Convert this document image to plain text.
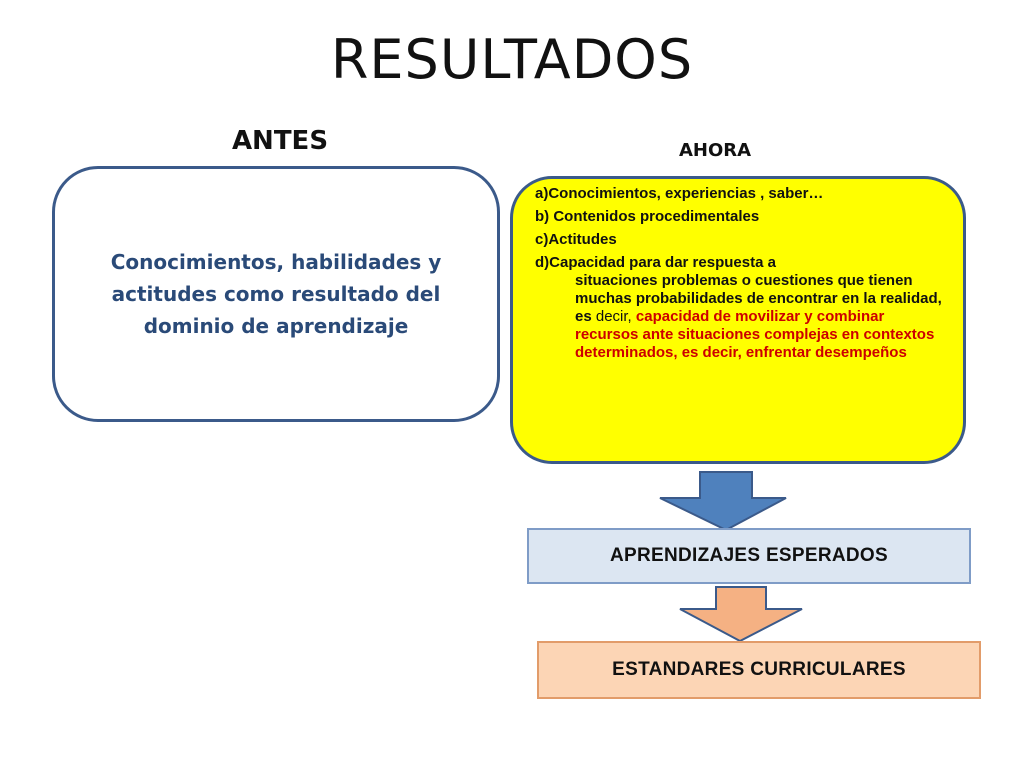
RESULTADOS
ANTES	AHORA
Conocimientos, habilidades y actitudes como resultado del dominio de aprendizaje
a)Conocimientos, experiencias , saber…
b) Contenidos procedimentales
c)Actitudes
d)Capacidad para dar respuesta a
situaciones problemas o cuestiones que tienen muchas probabilidades de encontrar en la realidad, es decir, capacidad de movilizar y combinar recursos ante situaciones complejas en contextos determinados, es decir, enfrentar desempeños
APRENDIZAJES ESPERADOS
ESTANDARES CURRICULARES
